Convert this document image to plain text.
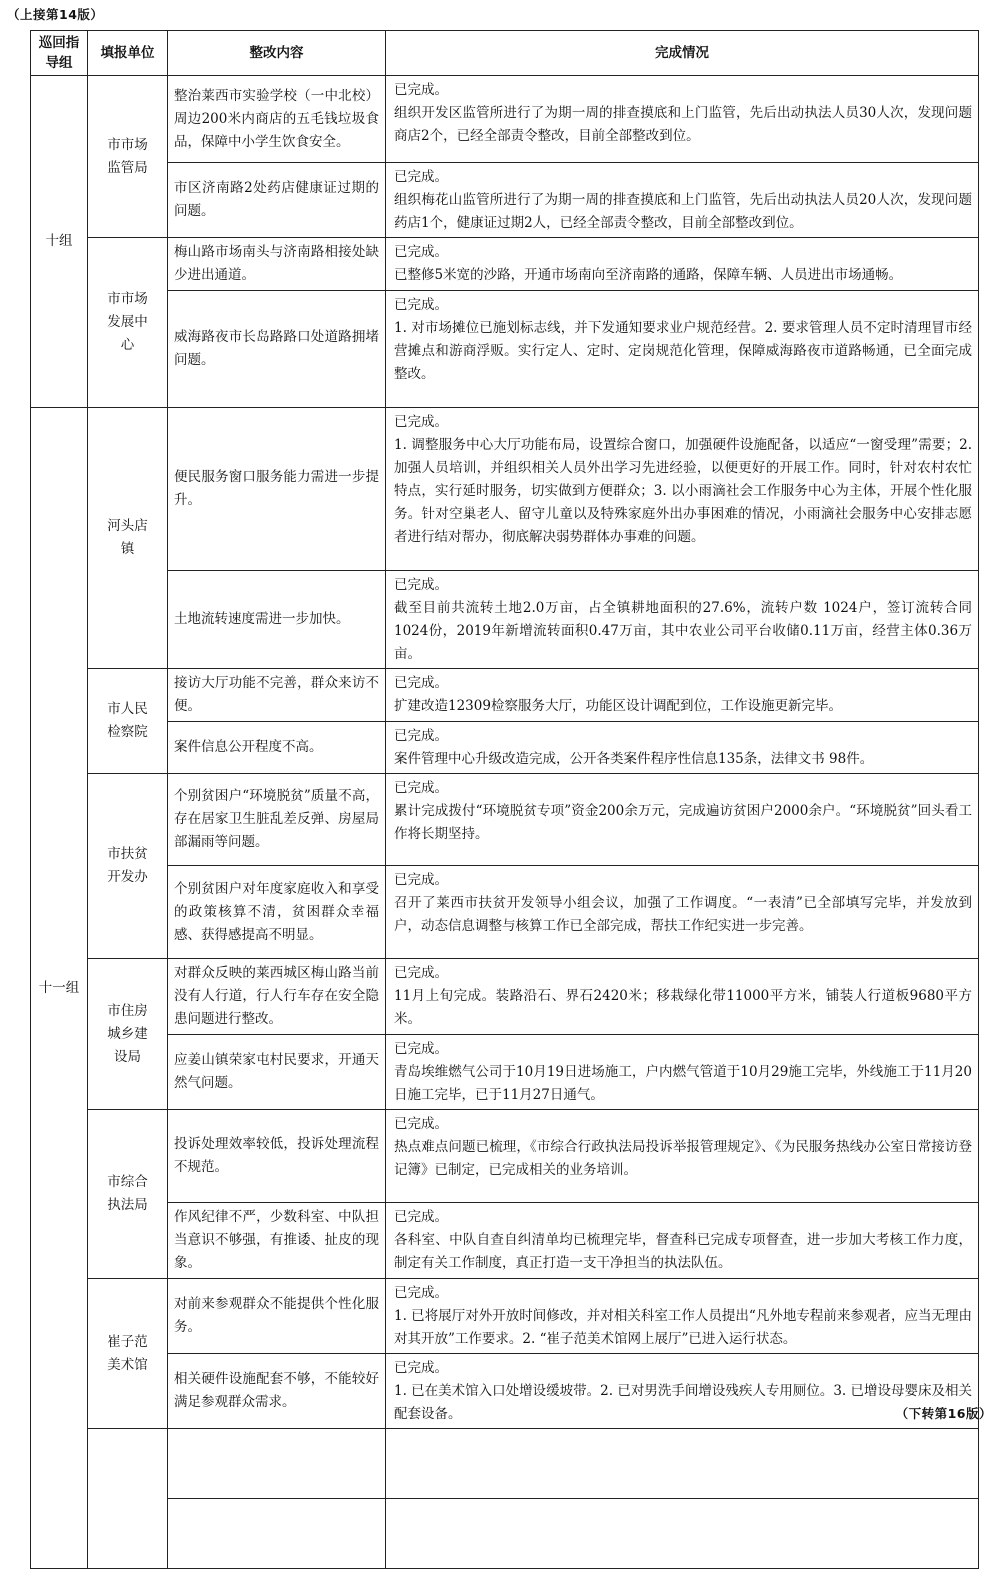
（上接第14版）
巡回指导组	填报单位	整改内容	完成情况
十组	市市场监管局	整治莱西市实验学校（一中北校）周边200米内商店的五毛钱垃圾食品，保障中小学生饮食安全。	已完成。
组织开发区监管所进行了为期一周的排查摸底和上门监管，先后出动执法人员30人次，发现问题商店2个，已经全部责令整改，目前全部整改到位。

		市区济南路2处药店健康证过期的问题。	已完成。
组织梅花山监管所进行了为期一周的排查摸底和上门监管，先后出动执法人员20人次，发现问题药店1个，健康证过期2人，已经全部责令整改，目前全部整改到位。

	市市场发展中心	梅山路市场南头与济南路相接处缺少进出通道。	已完成。
已整修5米宽的沙路，开通市场南向至济南路的通路，保障车辆、人员进出市场通畅。

		威海路夜市长岛路路口处道路拥堵问题。	已完成。
1. 对市场摊位已施划标志线，并下发通知要求业户规范经营。2. 要求管理人员不定时清理冒市经营摊点和游商浮贩。实行定人、定时、定岗规范化管理，保障威海路夜市道路畅通，已全面完成整改。

十一组	河头店镇	便民服务窗口服务能力需进一步提升。	已完成。
1. 调整服务中心大厅功能布局，设置综合窗口，加强硬件设施配备，以适应“一窗受理”需要；2. 加强人员培训，并组织相关人员外出学习先进经验，以便更好的开展工作。同时，针对农村农忙特点，实行延时服务，切实做到方便群众；3. 以小雨滴社会工作服务中心为主体，开展个性化服务。针对空巢老人、留守儿童以及特殊家庭外出办事困难的情况，小雨滴社会服务中心安排志愿者进行结对帮办，彻底解决弱势群体办事难的问题。

		土地流转速度需进一步加快。	已完成。
截至目前共流转土地2.0万亩，占全镇耕地面积的27.6%，流转户数 1024户，签订流转合同1024份，2019年新增流转面积0.47万亩，其中农业公司平台收储0.11万亩，经营主体0.36万亩。

	市人民检察院	接访大厅功能不完善，群众来访不便。	已完成。
扩建改造12309检察服务大厅，功能区设计调配到位，工作设施更新完毕。

		案件信息公开程度不高。	已完成。
案件管理中心升级改造完成，公开各类案件程序性信息135条，法律文书 98件。

	市扶贫开发办	个别贫困户“环境脱贫”质量不高，存在居家卫生脏乱差反弹、房屋局部漏雨等问题。	已完成。
累计完成拨付“环境脱贫专项”资金200余万元，完成遍访贫困户2000余户。“环境脱贫”回头看工作将长期坚持。

		个别贫困户对年度家庭收入和享受的政策核算不清，贫困群众幸福感、获得感提高不明显。	已完成。
召开了莱西市扶贫开发领导小组会议，加强了工作调度。“一表清”已全部填写完毕，并发放到户，动态信息调整与核算工作已全部完成，帮扶工作纪实进一步完善。

	市住房城乡建设局	对群众反映的莱西城区梅山路当前没有人行道，行人行车存在安全隐患问题进行整改。	已完成。
11月上旬完成。装路沿石、界石2420米；移栽绿化带11000平方米，铺装人行道板9680平方米。

		应姜山镇荣家屯村民要求，开通天然气问题。	已完成。
青岛埃维燃气公司于10月19日进场施工，户内燃气管道于10月29施工完毕，外线施工于11月20日施工完毕，已于11月27日通气。

	市综合执法局	投诉处理效率较低，投诉处理流程不规范。	已完成。
热点难点问题已梳理，《市综合行政执法局投诉举报管理规定》、《为民服务热线办公室日常接访登记簿》已制定，已完成相关的业务培训。

		作风纪律不严，少数科室、中队担当意识不够强，有推诿、扯皮的现象。	已完成。
各科室、中队自查自纠清单均已梳理完毕，督查科已完成专项督查，进一步加大考核工作力度，制定有关工作制度，真正打造一支干净担当的执法队伍。

	崔子范美术馆	对前来参观群众不能提供个性化服务。	已完成。
1. 已将展厅对外开放时间修改，并对相关科室工作人员提出“凡外地专程前来参观者，应当无理由对其开放”工作要求。2. “崔子范美术馆网上展厅”已进入运行状态。

		相关硬件设施配套不够，不能较好满足参观群众需求。	已完成。
1. 已在美术馆入口处增设缓坡带。2. 已对男洗手间增设残疾人专用厕位。3. 已增设母婴床及相关配套设备。

		（下转第16版）
